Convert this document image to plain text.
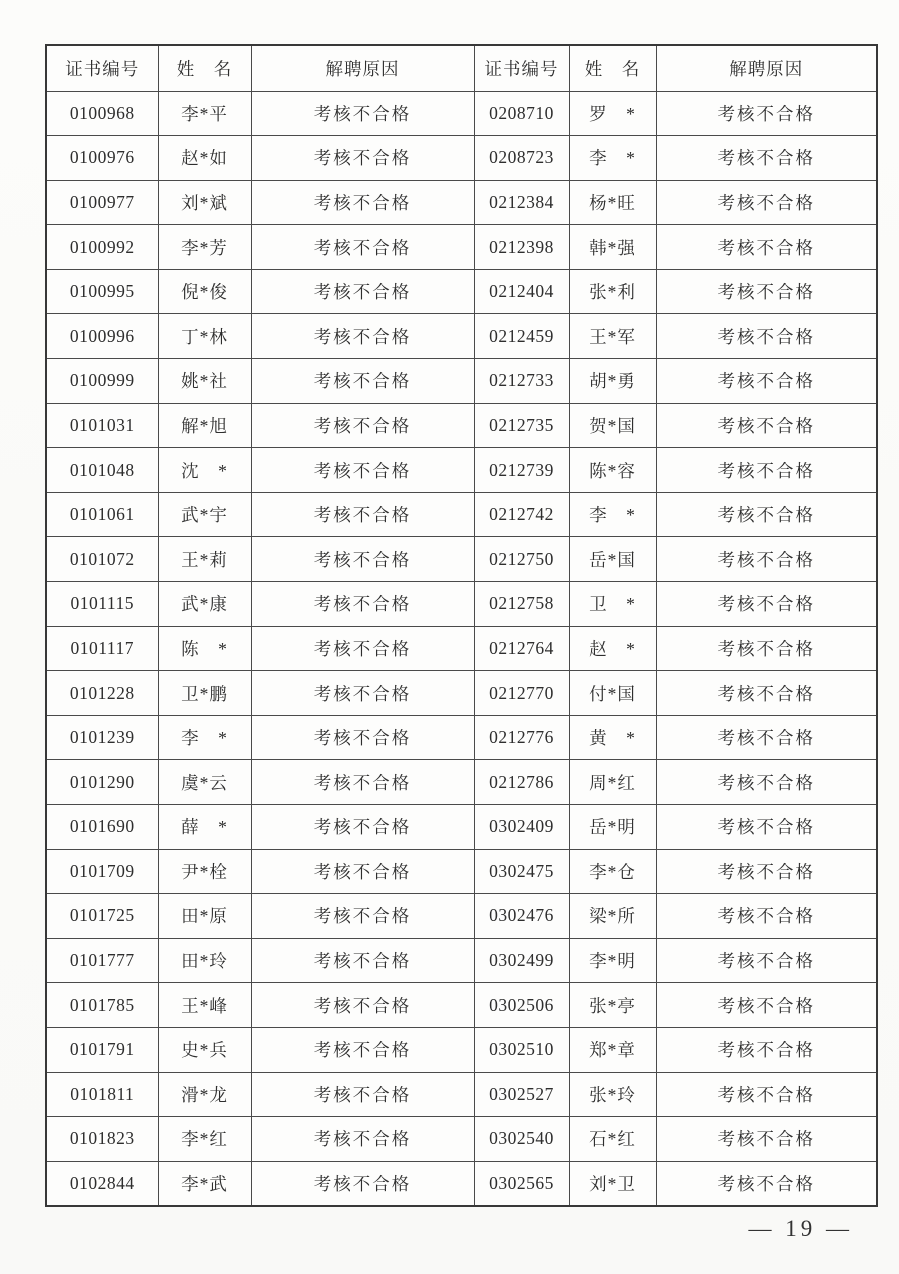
证书编号	姓　名	解聘原因	证书编号	姓　名	解聘原因
0100968	李*平	考核不合格	0208710	罗　*	考核不合格
0100976	赵*如	考核不合格	0208723	李　*	考核不合格
0100977	刘*斌	考核不合格	0212384	杨*旺	考核不合格
0100992	李*芳	考核不合格	0212398	韩*强	考核不合格
0100995	倪*俊	考核不合格	0212404	张*利	考核不合格
0100996	丁*林	考核不合格	0212459	王*军	考核不合格
0100999	姚*社	考核不合格	0212733	胡*勇	考核不合格
0101031	解*旭	考核不合格	0212735	贺*国	考核不合格
0101048	沈　*	考核不合格	0212739	陈*容	考核不合格
0101061	武*宇	考核不合格	0212742	李　*	考核不合格
0101072	王*莉	考核不合格	0212750	岳*国	考核不合格
0101115	武*康	考核不合格	0212758	卫　*	考核不合格
0101117	陈　*	考核不合格	0212764	赵　*	考核不合格
0101228	卫*鹏	考核不合格	0212770	付*国	考核不合格
0101239	李　*	考核不合格	0212776	黄　*	考核不合格
0101290	虞*云	考核不合格	0212786	周*红	考核不合格
0101690	薛　*	考核不合格	0302409	岳*明	考核不合格
0101709	尹*栓	考核不合格	0302475	李*仓	考核不合格
0101725	田*原	考核不合格	0302476	梁*所	考核不合格
0101777	田*玲	考核不合格	0302499	李*明	考核不合格
0101785	王*峰	考核不合格	0302506	张*亭	考核不合格
0101791	史*兵	考核不合格	0302510	郑*章	考核不合格
0101811	滑*龙	考核不合格	0302527	张*玲	考核不合格
0101823	李*红	考核不合格	0302540	石*红	考核不合格
0102844	李*武	考核不合格	0302565	刘*卫	考核不合格
— 19 —
